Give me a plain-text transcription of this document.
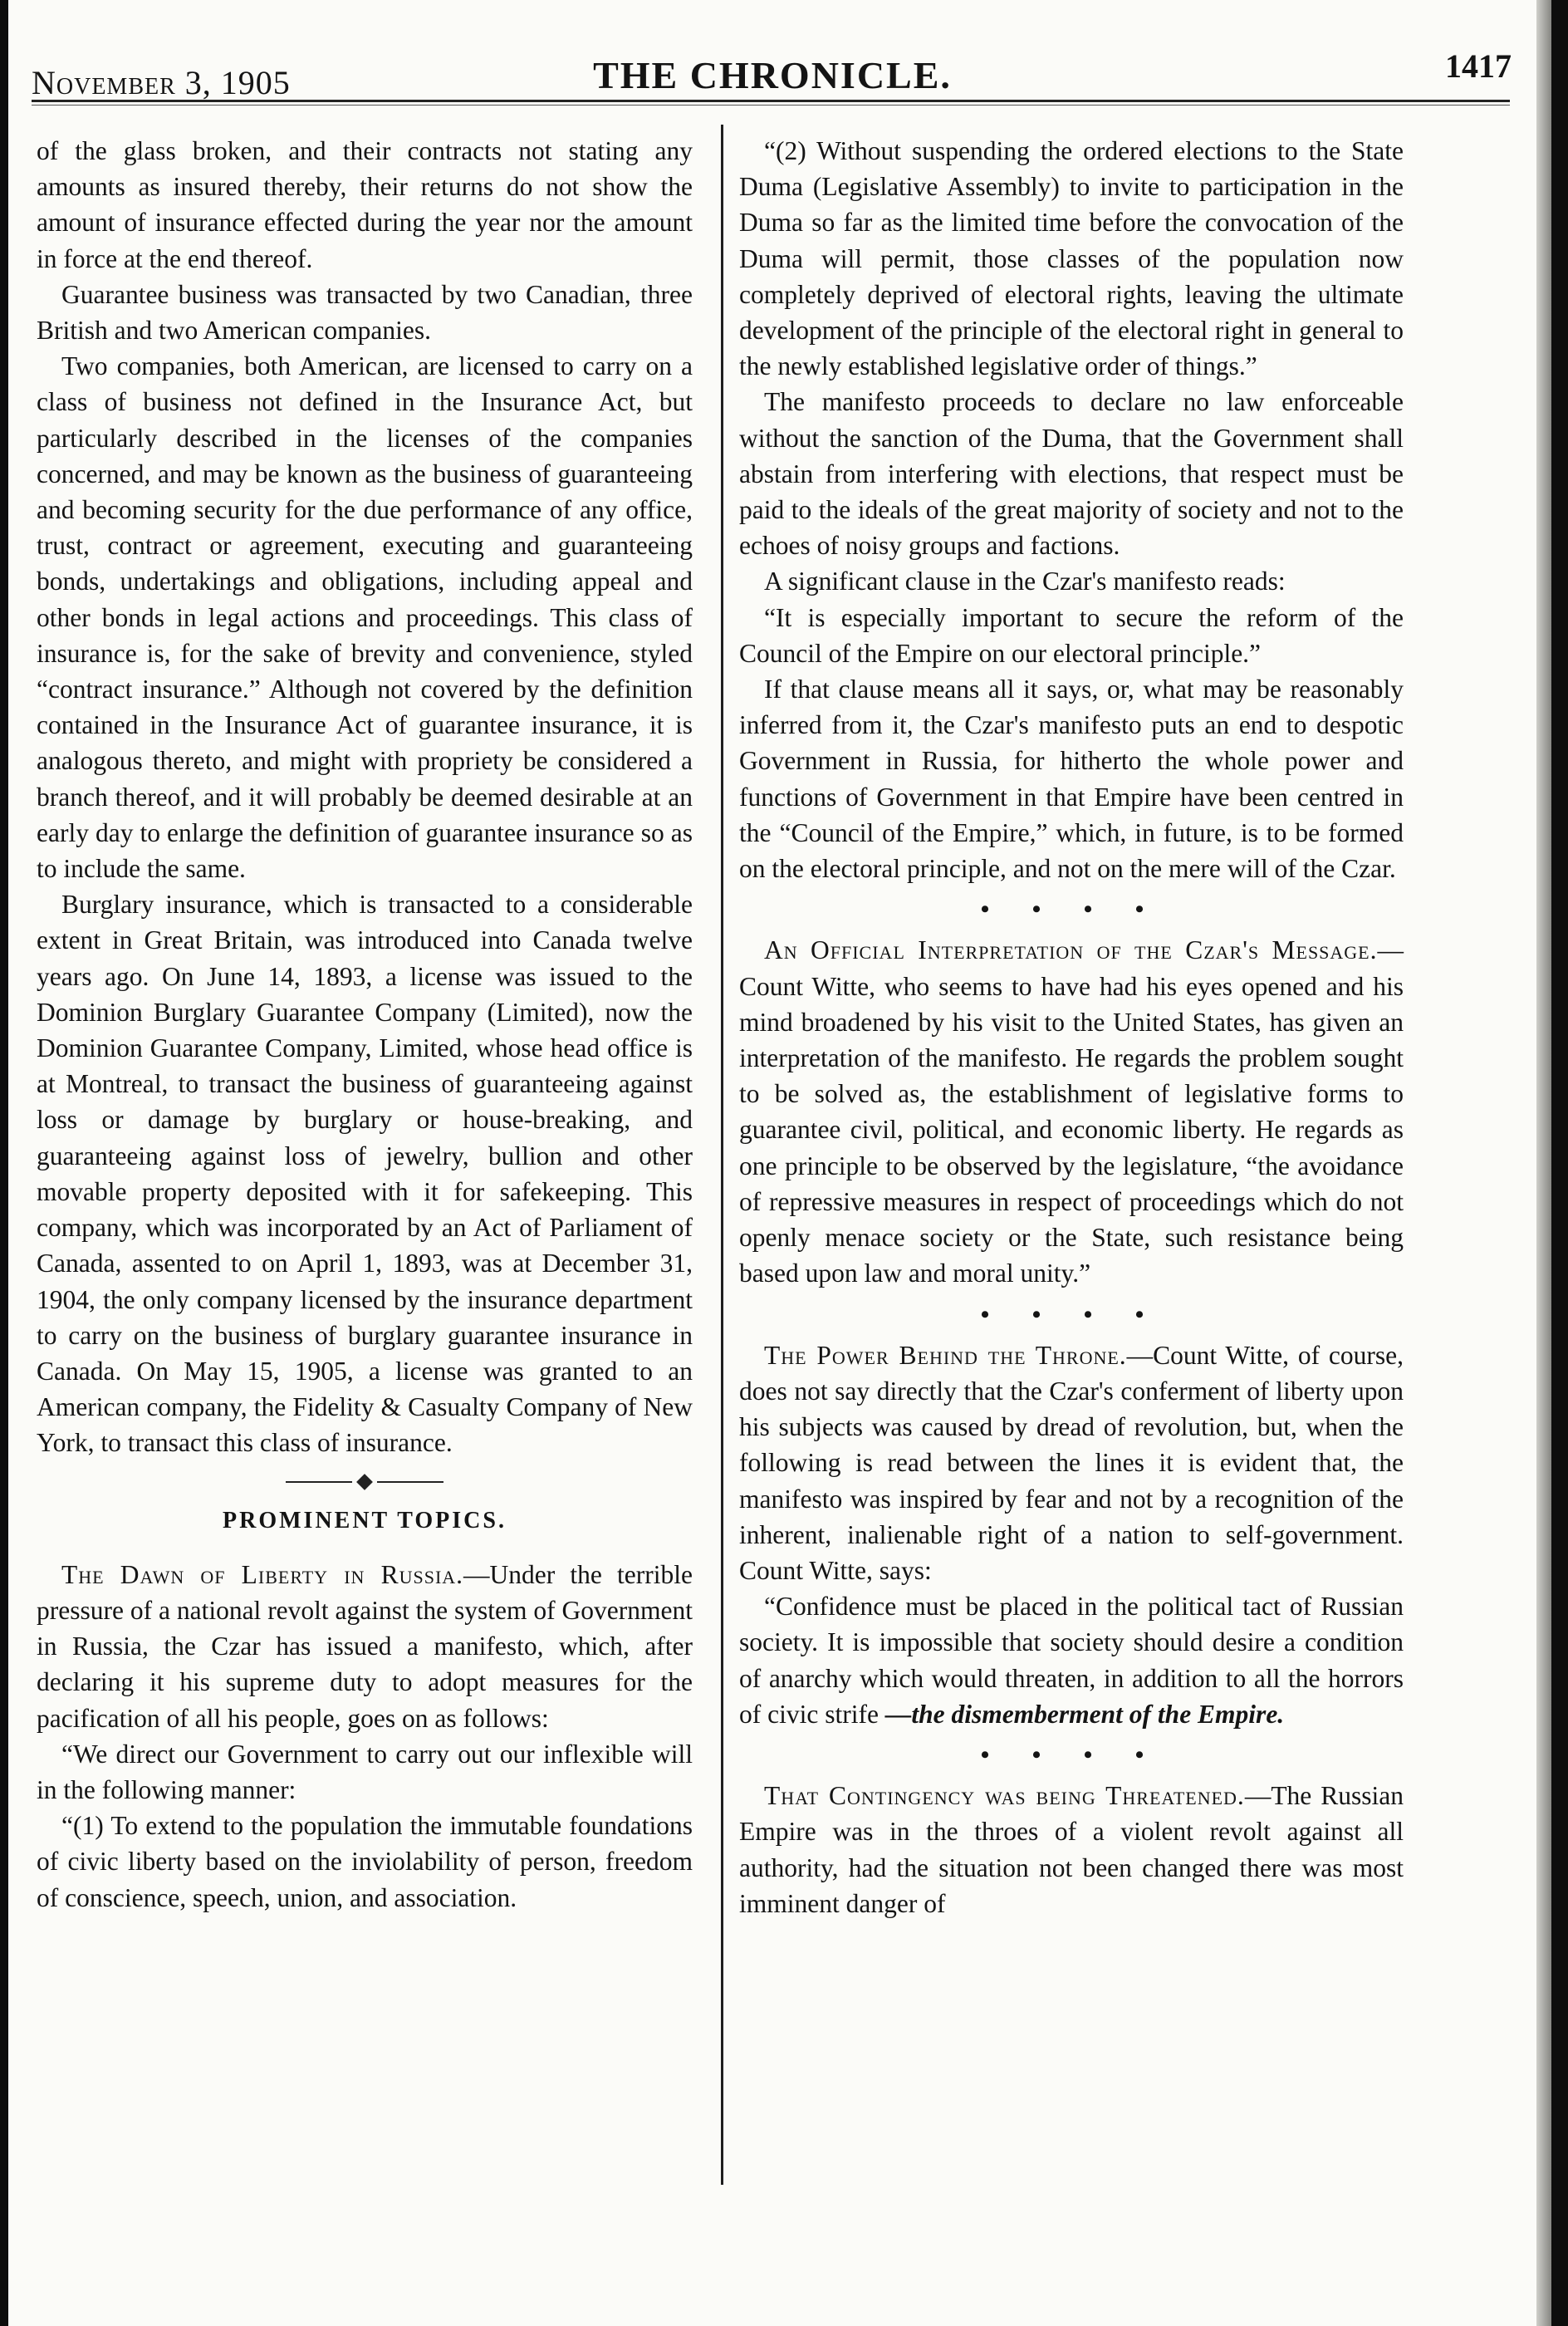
November 3, 1905	THE CHRONICLE.	1417

of the glass broken, and their contracts not stating any amounts as insured thereby, their returns do not show the amount of insurance effected during the year nor the amount in force at the end thereof.

Guarantee business was transacted by two Canadian, three British and two American companies.

Two companies, both American, are licensed to carry on a class of business not defined in the Insurance Act, but particularly described in the licenses of the companies concerned, and may be known as the business of guaranteeing and becoming security for the due performance of any office, trust, contract or agreement, executing and guaranteeing bonds, undertakings and obligations, including appeal and other bonds in legal actions and proceedings. This class of insurance is, for the sake of brevity and convenience, styled “contract insurance.” Although not covered by the definition contained in the Insurance Act of guarantee insurance, it is analogous thereto, and might with propriety be considered a branch thereof, and it will probably be deemed desirable at an early day to enlarge the definition of guarantee insurance so as to include the same.

Burglary insurance, which is transacted to a considerable extent in Great Britain, was introduced into Canada twelve years ago. On June 14, 1893, a license was issued to the Dominion Burglary Guarantee Company (Limited), now the Dominion Guarantee Company, Limited, whose head office is at Montreal, to transact the business of guaranteeing against loss or damage by burglary or house-breaking, and guaranteeing against loss of jewelry, bullion and other movable property deposited with it for safekeeping. This company, which was incorporated by an Act of Parliament of Canada, assented to on April 1, 1893, was at December 31, 1904, the only company licensed by the insurance department to carry on the business of burglary guarantee insurance in Canada. On May 15, 1905, a license was granted to an American company, the Fidelity & Casualty Company of New York, to transact this class of insurance.

PROMINENT TOPICS.

The Dawn of Liberty in Russia.—Under the terrible pressure of a national revolt against the system of Government in Russia, the Czar has issued a manifesto, which, after declaring it his supreme duty to adopt measures for the pacification of all his people, goes on as follows:

“We direct our Government to carry out our inflexible will in the following manner:

“(1) To extend to the population the immutable foundations of civic liberty based on the inviolability of person, freedom of conscience, speech, union, and association.

“(2) Without suspending the ordered elections to the State Duma (Legislative Assembly) to invite to participation in the Duma so far as the limited time before the convocation of the Duma will permit, those classes of the population now completely deprived of electoral rights, leaving the ultimate development of the principle of the electoral right in general to the newly established legislative order of things.”

The manifesto proceeds to declare no law enforceable without the sanction of the Duma, that the Government shall abstain from interfering with elections, that respect must be paid to the ideals of the great majority of society and not to the echoes of noisy groups and factions.

A significant clause in the Czar's manifesto reads:

“It is especially important to secure the reform of the Council of the Empire on our electoral principle.”

If that clause means all it says, or, what may be reasonably inferred from it, the Czar's manifesto puts an end to despotic Government in Russia, for hitherto the whole power and functions of Government in that Empire have been centred in the “Council of the Empire,” which, in future, is to be formed on the electoral principle, and not on the mere will of the Czar.

• • • •

An Official Interpretation of the Czar's Message.—Count Witte, who seems to have had his eyes opened and his mind broadened by his visit to the United States, has given an interpretation of the manifesto. He regards the problem sought to be solved as, the establishment of legislative forms to guarantee civil, political, and economic liberty. He regards as one principle to be observed by the legislature, “the avoidance of repressive measures in respect of proceedings which do not openly menace society or the State, such resistance being based upon law and moral unity.”

• • • •

The Power Behind the Throne.—Count Witte, of course, does not say directly that the Czar's conferment of liberty upon his subjects was caused by dread of revolution, but, when the following is read between the lines it is evident that, the manifesto was inspired by fear and not by a recognition of the inherent, inalienable right of a nation to self-government. Count Witte, says:

“Confidence must be placed in the political tact of Russian society. It is impossible that society should desire a condition of anarchy which would threaten, in addition to all the horrors of civic strife —the dismemberment of the Empire.

• • • •

That Contingency was being Threatened.—The Russian Empire was in the throes of a violent revolt against all authority, had the situation not been changed there was most imminent danger of
